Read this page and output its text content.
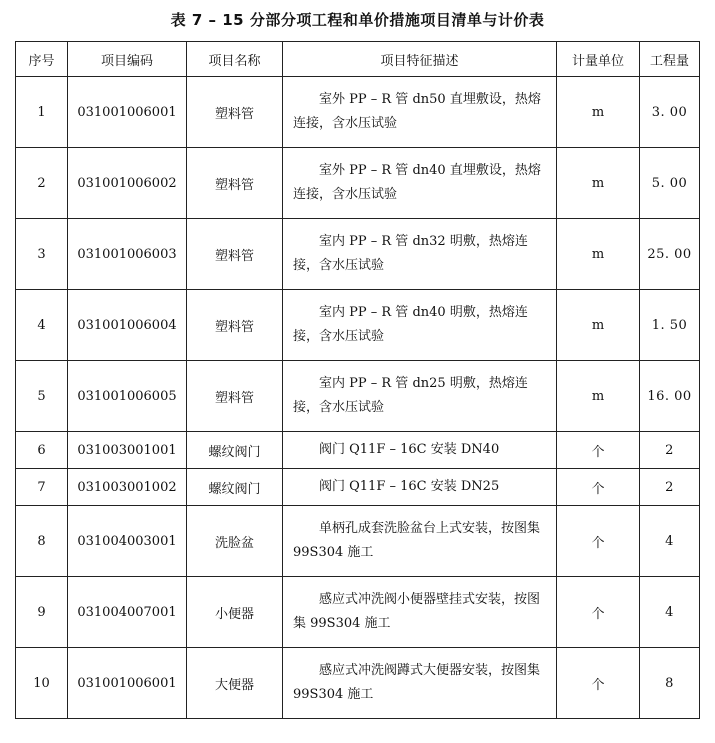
表 7 – 15 分部分项工程和单价措施项目清单与计价表
序号	项目编码	项目名称	项目特征描述	计量单位	工程量
1	031001006001	塑料管	室外 PP – R 管 dn50 直埋敷设，热熔连接，含水压试验	m	3. 00
2	031001006002	塑料管	室外 PP – R 管 dn40 直埋敷设，热熔连接，含水压试验	m	5. 00
3	031001006003	塑料管	室内 PP – R 管 dn32 明敷，热熔连接，含水压试验	m	25. 00
4	031001006004	塑料管	室内 PP – R 管 dn40 明敷，热熔连接，含水压试验	m	1. 50
5	031001006005	塑料管	室内 PP – R 管 dn25 明敷，热熔连接，含水压试验	m	16. 00
6	031003001001	螺纹阀门	阀门 Q11F – 16C 安装 DN40	个	2
7	031003001002	螺纹阀门	阀门 Q11F – 16C 安装 DN25	个	2
8	031004003001	洗脸盆	单柄孔成套洗脸盆台上式安装，按图集 99S304 施工	个	4
9	031004007001	小便器	感应式冲洗阀小便器壁挂式安装，按图集 99S304 施工	个	4
10	031001006001	大便器	感应式冲洗阀蹲式大便器安装，按图集 99S304 施工	个	8
